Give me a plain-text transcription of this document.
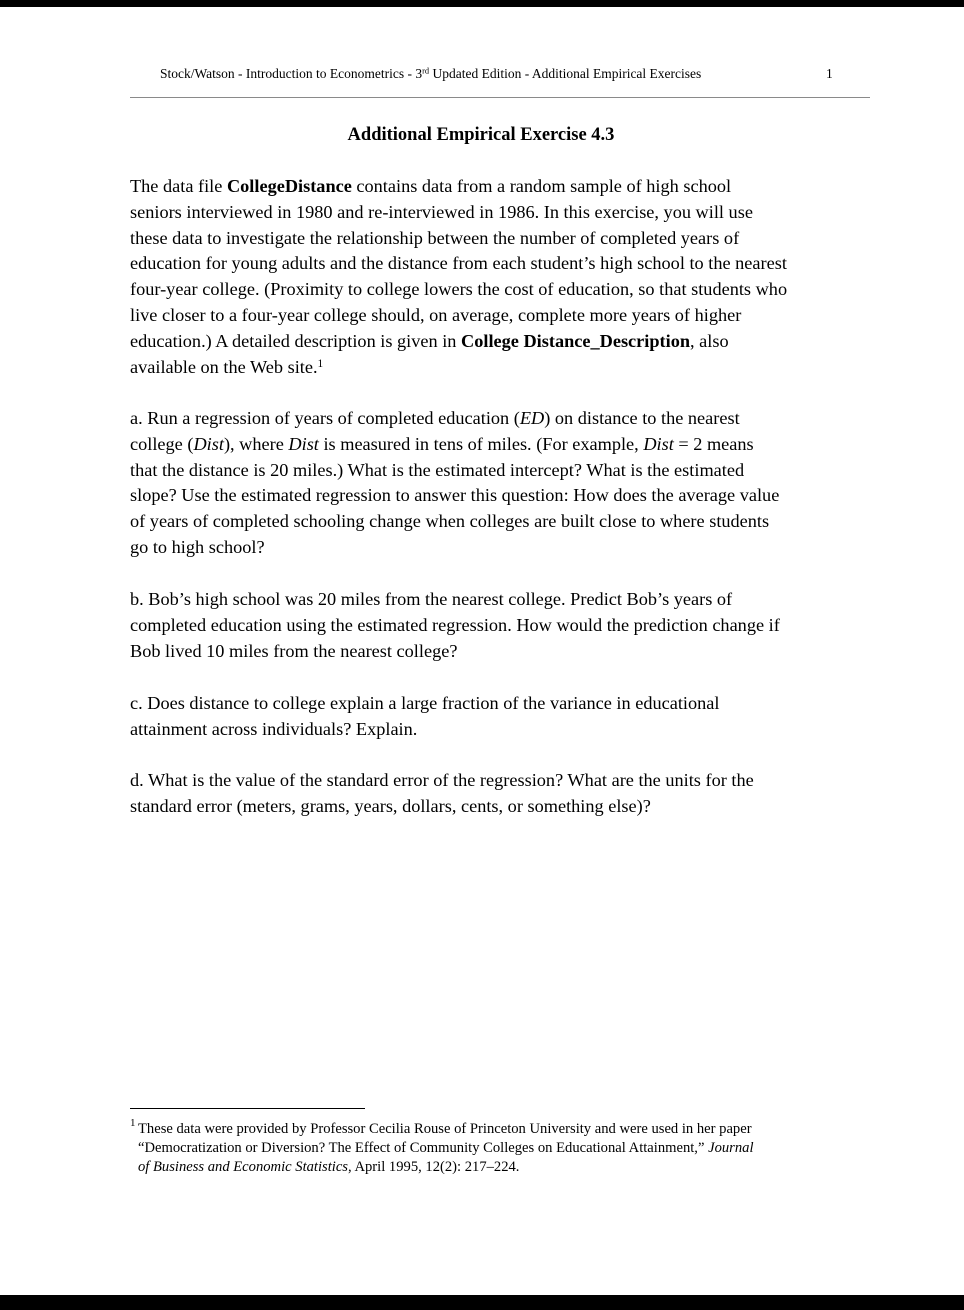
Stock/Watson - Introduction to Econometrics - 3rd Updated Edition - Additional Empirical Exercises	1
Additional Empirical Exercise 4.3

The data file CollegeDistance contains data from a random sample of high school
seniors interviewed in 1980 and re-interviewed in 1986. In this exercise, you will use
these data to investigate the relationship between the number of completed years of
education for young adults and the distance from each student’s high school to the nearest
four-year college. (Proximity to college lowers the cost of education, so that students who
live closer to a four-year college should, on average, complete more years of higher
education.) A detailed description is given in College Distance_Description, also
available on the Web site.$^1$

a. Run a regression of years of completed education (ED) on distance to the nearest
college (Dist), where Dist is measured in tens of miles. (For example, Dist = 2 means
that the distance is 20 miles.) What is the estimated intercept? What is the estimated
slope? Use the estimated regression to answer this question: How does the average value
of years of completed schooling change when colleges are built close to where students
go to high school?

b. Bob’s high school was 20 miles from the nearest college. Predict Bob’s years of
completed education using the estimated regression. How would the prediction change if
Bob lived 10 miles from the nearest college?

c. Does distance to college explain a large fraction of the variance in educational
attainment across individuals? Explain.

d. What is the value of the standard error of the regression? What are the units for the
standard error (meters, grams, years, dollars, cents, or something else)?

1 These data were provided by Professor Cecilia Rouse of Princeton University and were used in her paper
“Democratization or Diversion? The Effect of Community Colleges on Educational Attainment,” Journal
of Business and Economic Statistics, April 1995, 12(2): 217–224.
